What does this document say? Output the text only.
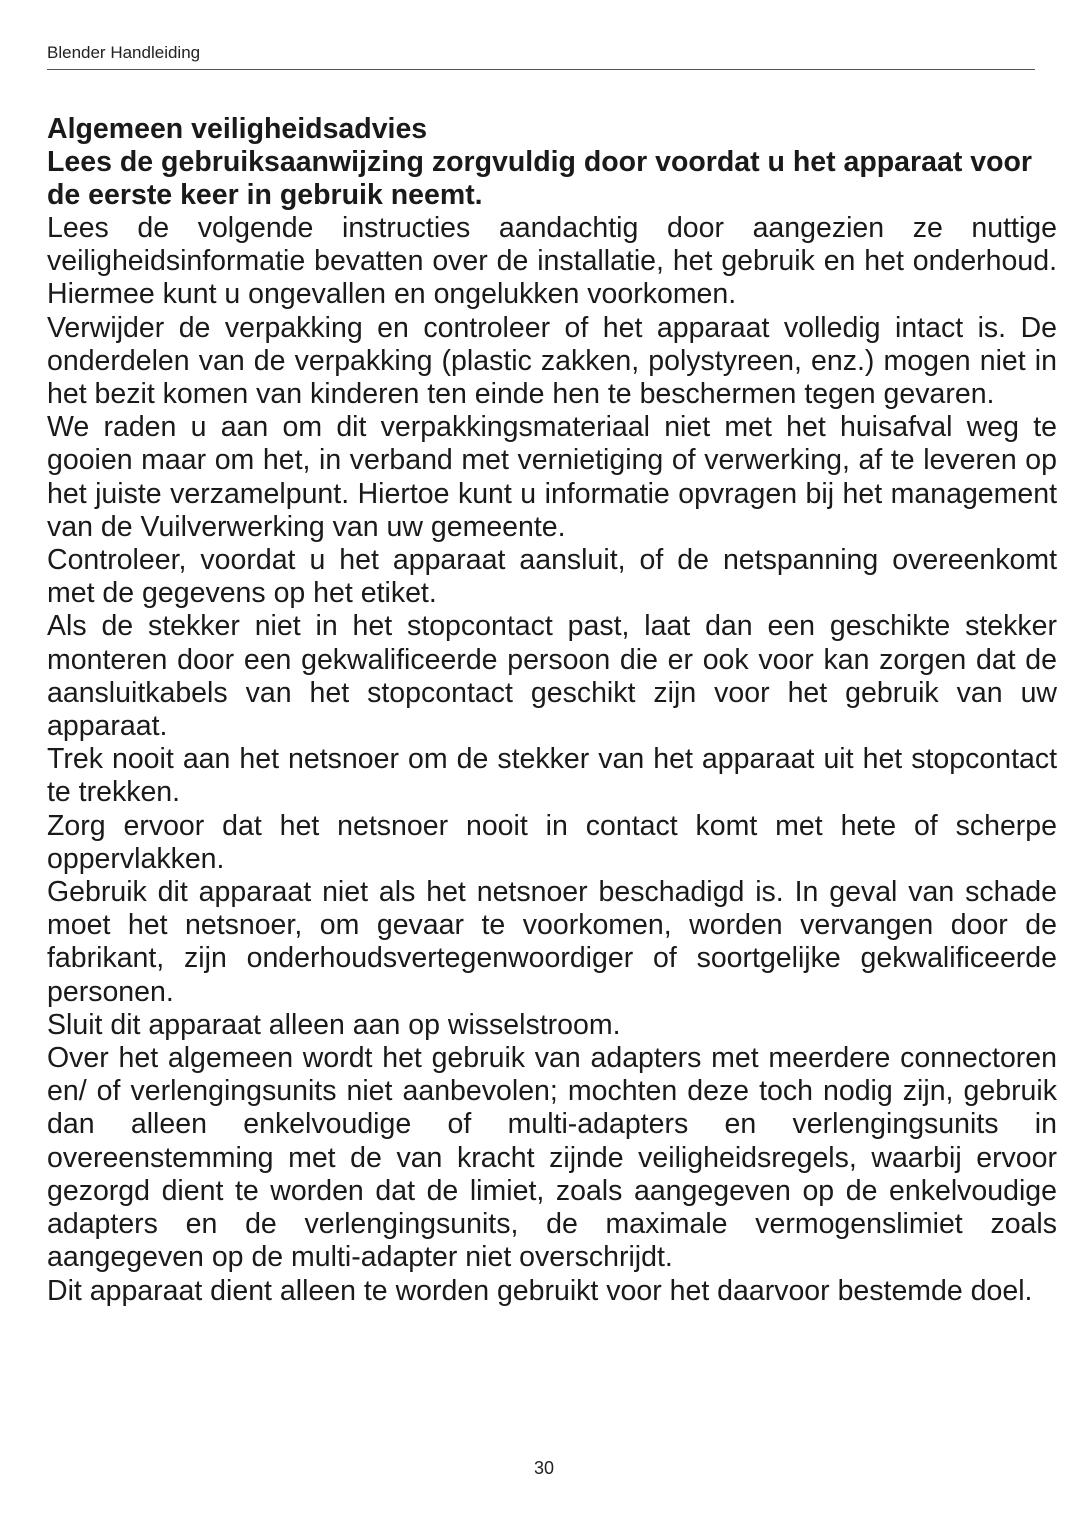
Blender Handleiding
Algemeen veiligheidsadvies

Lees de gebruiksaanwijzing zorgvuldig door voordat u het apparaat voor de eerste keer in gebruik neemt.

Lees de volgende instructies aandachtig door aangezien ze nuttige veiligheidsinformatie bevatten over de installatie, het gebruik en het onderhoud. Hiermee kunt u ongevallen en ongelukken voorkomen.

Verwijder de verpakking en controleer of het apparaat volledig intact is. De onderdelen van de verpakking (plastic zakken, polystyreen, enz.) mogen niet in het bezit komen van kinderen ten einde hen te beschermen tegen gevaren.

We raden u aan om dit verpakkingsmateriaal niet met het huisafval weg te gooien maar om het, in verband met vernietiging of verwerking, af te leveren op het juiste verzamelpunt. Hiertoe kunt u informatie opvragen bij het management van de Vuilverwerking van uw gemeente.

Controleer, voordat u het apparaat aansluit, of de netspanning overeenkomt met de gegevens op het etiket.

Als de stekker niet in het stopcontact past, laat dan een geschikte stekker monteren door een gekwalificeerde persoon die er ook voor kan zorgen dat de aansluitkabels van het stopcontact geschikt zijn voor het gebruik van uw apparaat.

Trek nooit aan het netsnoer om de stekker van het apparaat uit het stopcontact te trekken.

Zorg ervoor dat het netsnoer nooit in contact komt met hete of scherpe oppervlakken.

Gebruik dit apparaat niet als het netsnoer beschadigd is. In geval van schade moet het netsnoer, om gevaar te voorkomen, worden vervangen door de fabrikant, zijn onderhoudsvertegenwoordiger of soortgelijke gekwalificeerde personen.

Sluit dit apparaat alleen aan op wisselstroom.

Over het algemeen wordt het gebruik van adapters met meerdere connectoren en/ of verlengingsunits niet aanbevolen; mochten deze toch nodig zijn, gebruik dan alleen enkelvoudige of multi-adapters en verlengingsunits in overeenstemming met de van kracht zijnde veiligheidsregels, waarbij ervoor gezorgd dient te worden dat de limiet, zoals aangegeven op de enkelvoudige adapters en de verlengingsunits, de maximale vermogenslimiet zoals aangegeven op de multi-adapter niet overschrijdt.

Dit apparaat dient alleen te worden gebruikt voor het daarvoor bestemde doel.

30
